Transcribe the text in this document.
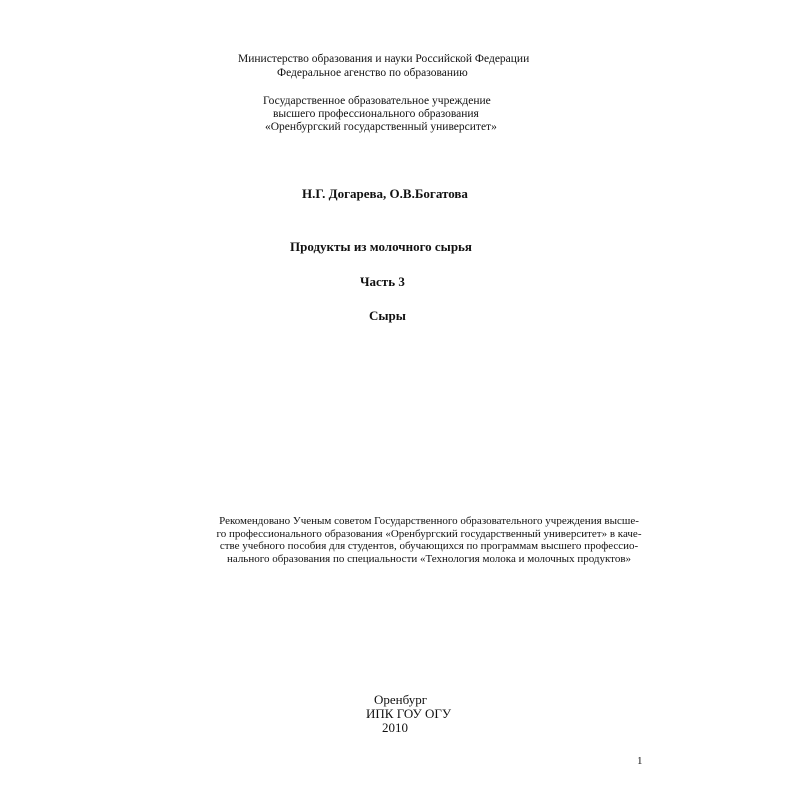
Министерство образования и науки Российской Федерации
Федеральное агенство по образованию
Государственное образовательное учреждение
высшего профессионального образования
«Оренбургский государственный университет»
Н.Г. Догарева, О.В.Богатова
Продукты из молочного сырья
Часть 3
Сыры
Рекомендовано Ученым советом Государственного образовательного учреждения высше-
го профессионального образования «Оренбургский государственный университет» в каче-
стве учебного пособия для студентов, обучающихся по программам высшего профессио-
нального образования по специальности «Технология молока и молочных продуктов»
Оренбург
ИПК ГОУ ОГУ
2010
1
